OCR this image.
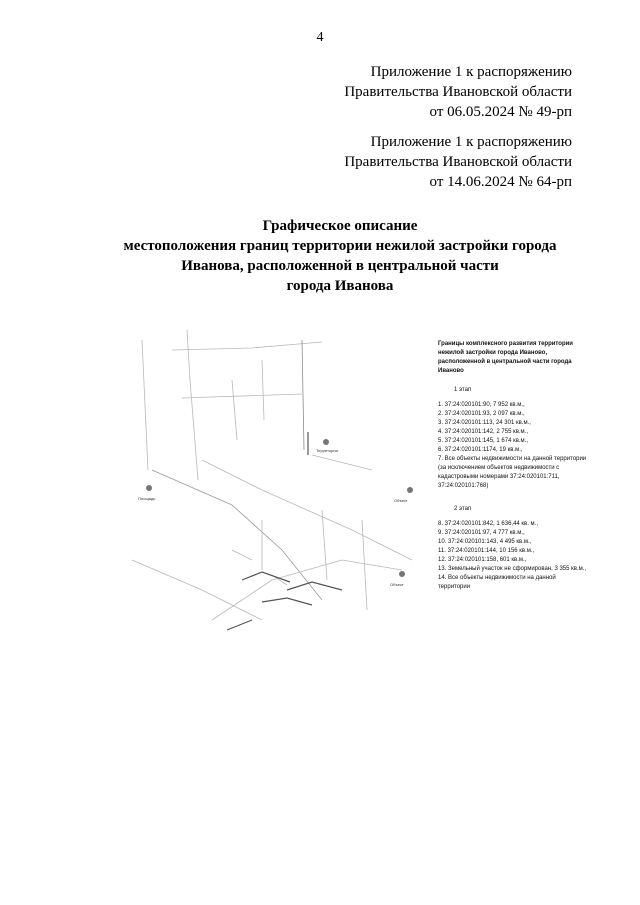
4
Приложение 1 к распоряжению
Правительства Ивановской области
от 06.05.2024 № 49-рп
Приложение 1 к распоряжению
Правительства Ивановской области
от 14.06.2024 № 64-рп
Графическое описание
местоположения границ территории нежилой застройки города
Иванова, расположенной в центральной части
города Иванова
Территория
Площадь	Объект
Объект
Границы комплексного развития территории нежилой застройки города Иваново, расположенной в центральной части города Иваново
1 этап
1. 37:24:020101:90, 7 952 кв.м.,
2. 37:24:020101:93, 2 097 кв.м.,
3. 37:24:020101:113, 24 301 кв.м.,
4. 37:24:020101:142, 2 755 кв.м.,
5. 37:24:020101:145, 1 674 кв.м.,
6. 37:24:020101:1174, 19 кв.м.,
7. Все объекты недвижимости на данной территории (за исключением объектов недвижимости с кадастровыми номерами 37:24:020101:711, 37:24:020101:768)
2 этап
8. 37:24:020101:842, 1 636,44 кв. м.,
9. 37:24:020101:97, 4 777 кв.м.,
10. 37:24:020101:143, 4 495 кв.м.,
11. 37:24:020101:144, 10 156 кв.м.,
12. 37:24:020101:158, 601 кв.м.,
13. Земельный участок не сформирован, 3 355 кв.м.,
14. Все объекты недвижимости на данной территории
